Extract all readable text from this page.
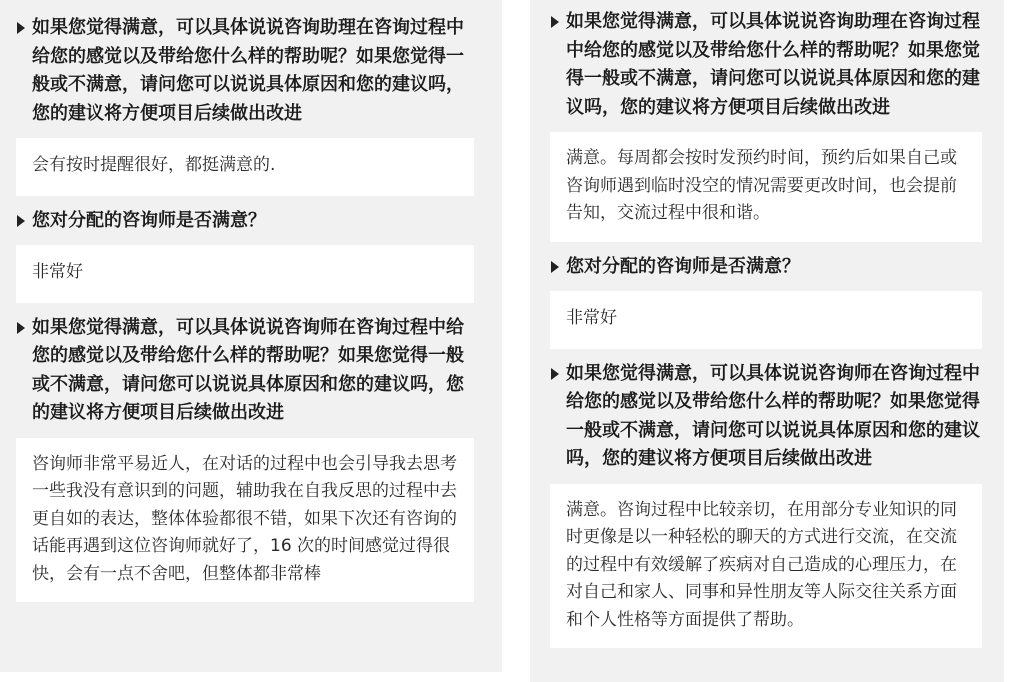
如果您觉得满意，可以具体说说咨询助理在咨询过程中给您的感觉以及带给您什么样的帮助呢？如果您觉得一般或不满意，请问您可以说说具体原因和您的建议吗，您的建议将方便项目后续做出改进
会有按时提醒很好，都挺满意的.
您对分配的咨询师是否满意？
非常好
如果您觉得满意，可以具体说说咨询师在咨询过程中给您的感觉以及带给您什么样的帮助呢？如果您觉得一般或不满意，请问您可以说说具体原因和您的建议吗，您的建议将方便项目后续做出改进
咨询师非常平易近人，在对话的过程中也会引导我去思考一些我没有意识到的问题，辅助我在自我反思的过程中去更自如的表达，整体体验都很不错，如果下次还有咨询的话能再遇到这位咨询师就好了，16 次的时间感觉过得很快，会有一点不舍吧，但整体都非常棒
如果您觉得满意，可以具体说说咨询助理在咨询过程中给您的感觉以及带给您什么样的帮助呢？如果您觉得一般或不满意，请问您可以说说具体原因和您的建议吗，您的建议将方便项目后续做出改进
满意。每周都会按时发预约时间，预约后如果自己或咨询师遇到临时没空的情况需要更改时间，也会提前告知，交流过程中很和谐。
您对分配的咨询师是否满意？
非常好
如果您觉得满意，可以具体说说咨询师在咨询过程中给您的感觉以及带给您什么样的帮助呢？如果您觉得一般或不满意，请问您可以说说具体原因和您的建议吗，您的建议将方便项目后续做出改进
满意。咨询过程中比较亲切，在用部分专业知识的同时更像是以一种轻松的聊天的方式进行交流，在交流的过程中有效缓解了疾病对自己造成的心理压力，在对自己和家人、同事和异性朋友等人际交往关系方面和个人性格等方面提供了帮助。
